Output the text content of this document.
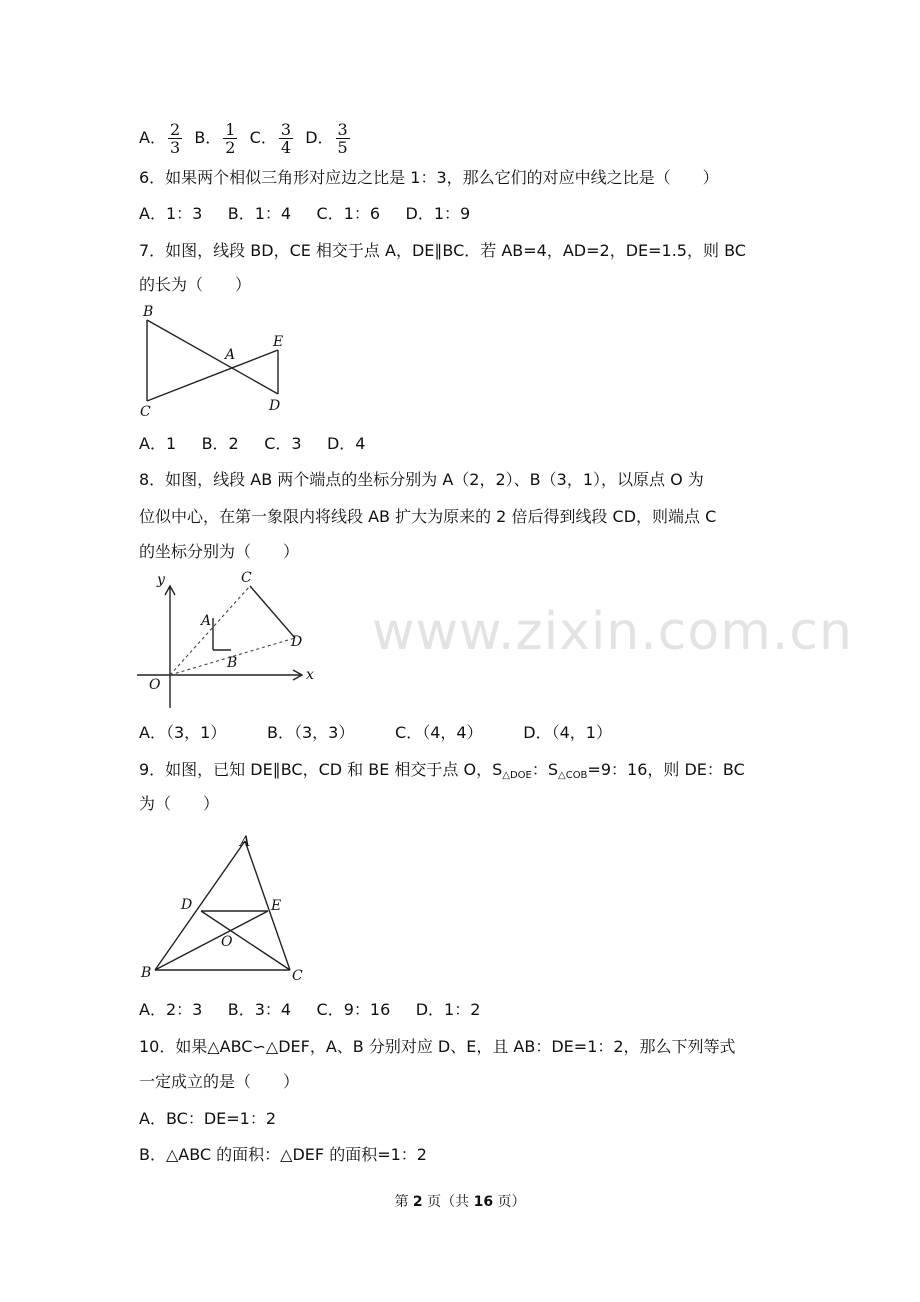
A． $\frac{2}{3}$ B． $\frac{1}{2}$ C． $\frac{3}{4}$ D． $\frac{3}{5}$
6．如果两个相似三角形对应边之比是 1：3，那么它们的对应中线之比是（　　）
A．1：3 B．1：4 C．1：6 D．1：9
7．如图，线段 BD，CE 相交于点 A，DE∥BC．若 AB=4，AD=2，DE=1.5，则 BC
的长为（　　）
B
A
E
C	D
A．1 B．2 C．3 D．4
8．如图，线段 AB 两个端点的坐标分别为 A（2，2）、B（3，1），以原点 O 为
位似中心，在第一象限内将线段 AB 扩大为原来的 2 倍后得到线段 CD，则端点 C
的坐标分别为（　　）
www.zixin.com.cn
y	C
A
D
B
O
x
A．（3，1）	B．（3，3）	C．（4，4）	D．（4，1）
9．如图，已知 DE∥BC，CD 和 BE 相交于点 O，$S_{\triangle DOE}$：$S_{\triangle COB}=9$：16，则 DE：BC
为（　　）
A
D	E
O
B	C
A．2：3 B．3：4 C．9：16 D．1：2
10．如果△ABC∽△DEF，A、B 分别对应 D、E，且 AB：DE=1：2，那么下列等式
一定成立的是（　　）
A．BC：DE=1：2
B．△ABC 的面积：△DEF 的面积=1：2
第 2 页（共 16 页）
